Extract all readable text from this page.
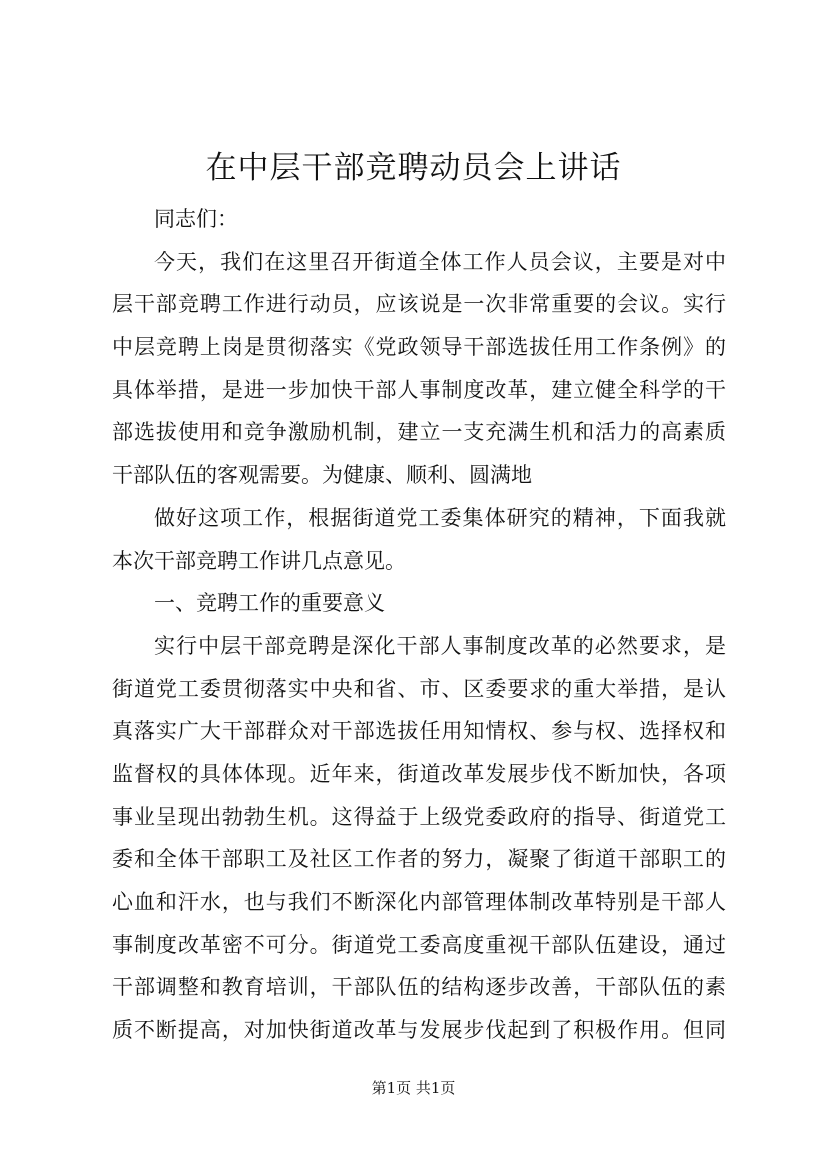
在中层干部竞聘动员会上讲话
同志们：
今天，我们在这里召开街道全体工作人员会议，主要是对中
层干部竞聘工作进行动员，应该说是一次非常重要的会议。实行
中层竞聘上岗是贯彻落实《党政领导干部选拔任用工作条例》的
具体举措，是进一步加快干部人事制度改革，建立健全科学的干
部选拔使用和竞争激励机制，建立一支充满生机和活力的高素质
干部队伍的客观需要。为健康、顺利、圆满地
做好这项工作，根据街道党工委集体研究的精神，下面我就
本次干部竞聘工作讲几点意见。
一、竞聘工作的重要意义
实行中层干部竞聘是深化干部人事制度改革的必然要求，是
街道党工委贯彻落实中央和省、市、区委要求的重大举措，是认
真落实广大干部群众对干部选拔任用知情权、参与权、选择权和
监督权的具体体现。近年来，街道改革发展步伐不断加快，各项
事业呈现出勃勃生机。这得益于上级党委政府的指导、街道党工
委和全体干部职工及社区工作者的努力，凝聚了街道干部职工的
心血和汗水，也与我们不断深化内部管理体制改革特别是干部人
事制度改革密不可分。街道党工委高度重视干部队伍建设，通过
干部调整和教育培训，干部队伍的结构逐步改善，干部队伍的素
质不断提高，对加快街道改革与发展步伐起到了积极作用。但同
第1页 共1页
